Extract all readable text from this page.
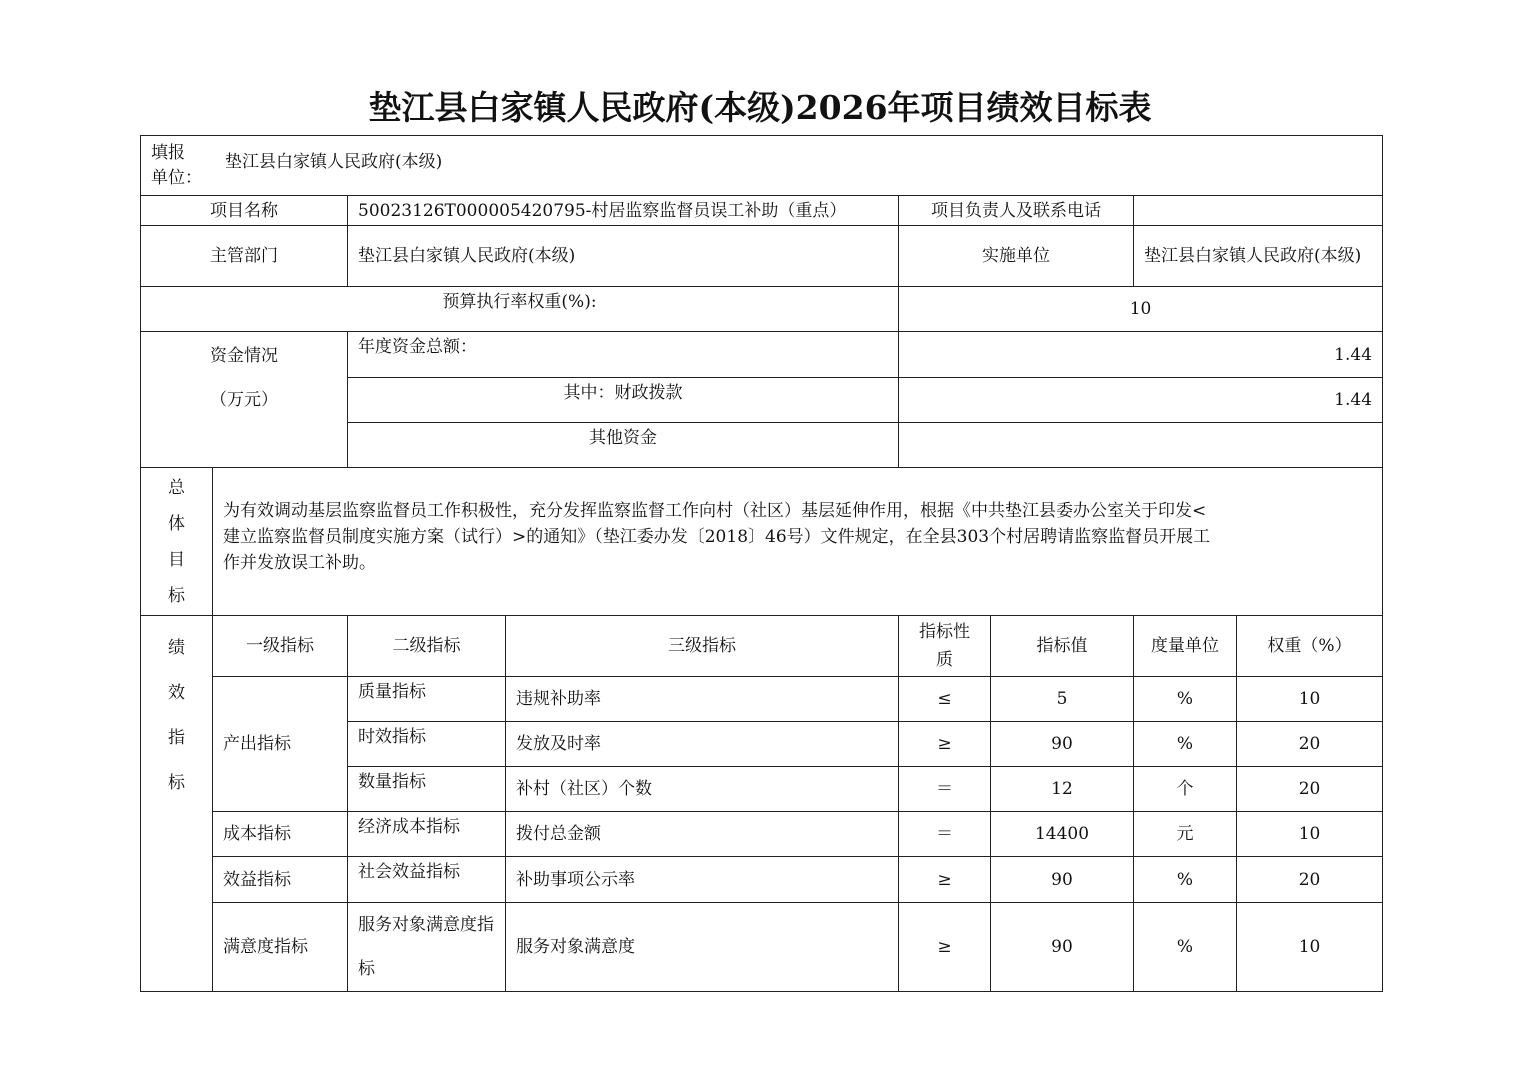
垫江县白家镇人民政府(本级)2026年项目绩效目标表
填报单位：
垫江县白家镇人民政府(本级)							

项目名称		50023126T000005420795-村居监察监督员误工补助（重点）		项目负责人及联系电话			
主管部门		垫江县白家镇人民政府(本级)		实施单位		垫江县白家镇人民政府(本级)	
预算执行率权重(%):				10			

资金情况
（万元）		年度资金总额：		1.44			
		其中：财政拨款		1.44			
		其他资金					

总
体
目
标	为有效调动基层监察监督员工作积极性，充分发挥监察监督工作向村（社区）基层延伸作用，根据《中共垫江县委办公室关于印发<
建立监察监督员制度实施方案（试行）>的通知》（垫江委办发〔2018〕46号）文件规定，在全县303个村居聘请监察监督员开展工
作并发放误工补助。						

绩
效
指
标	一级指标	二级指标	三级指标	指标性质	指标值	度量单位	权重（%）
	产出指标	质量指标	违规补助率	≤	5	%	10
		时效指标	发放及时率	≥	90	%	20
		数量指标	补村（社区）个数	＝	12	个	20
	成本指标	经济成本指标	拨付总金额	＝	14400	元	10
	效益指标	社会效益指标	补助事项公示率	≥	90	%	20
	满意度指标	服务对象满意度指标	服务对象满意度	≥	90	%	10
